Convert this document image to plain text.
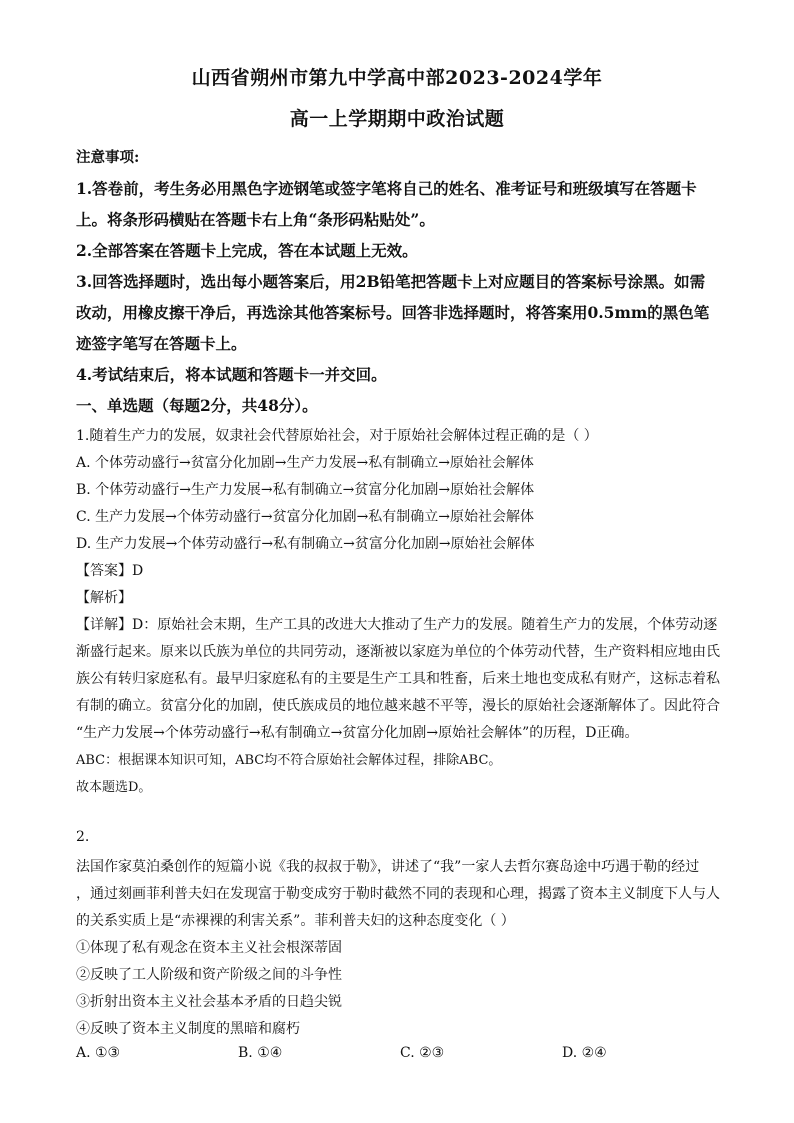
山西省朔州市第九中学高中部2023-2024学年
高一上学期期中政治试题
注意事项:
1.答卷前，考生务必用黑色字迹钢笔或签字笔将自己的姓名、准考证号和班级填写在答题卡
上。将条形码横贴在答题卡右上角“条形码粘贴处”。
2.全部答案在答题卡上完成，答在本试题上无效。
3.回答选择题时，选出每小题答案后，用2B铅笔把答题卡上对应题目的答案标号涂黑。如需
改动，用橡皮擦干净后，再选涂其他答案标号。回答非选择题时，将答案用0.5mm的黑色笔
迹签字笔写在答题卡上。
4.考试结束后，将本试题和答题卡一并交回。
一、单选题（每题2分，共48分）。
1.随着生产力的发展，奴隶社会代替原始社会，对于原始社会解体过程正确的是（ ）
A. 个体劳动盛行→贫富分化加剧→生产力发展→私有制确立→原始社会解体
B. 个体劳动盛行→生产力发展→私有制确立→贫富分化加剧→原始社会解体
C. 生产力发展→个体劳动盛行→贫富分化加剧→私有制确立→原始社会解体
D. 生产力发展→个体劳动盛行→私有制确立→贫富分化加剧→原始社会解体
【答案】D
【解析】
【详解】D：原始社会末期，生产工具的改进大大推动了生产力的发展。随着生产力的发展，个体劳动逐
渐盛行起来。原来以氏族为单位的共同劳动，逐渐被以家庭为单位的个体劳动代替，生产资料相应地由氏
族公有转归家庭私有。最早归家庭私有的主要是生产工具和牲畜，后来土地也变成私有财产，这标志着私
有制的确立。贫富分化的加剧，使氏族成员的地位越来越不平等，漫长的原始社会逐渐解体了。因此符合
“生产力发展→个体劳动盛行→私有制确立→贫富分化加剧→原始社会解体”的历程，D正确。
ABC：根据课本知识可知，ABC均不符合原始社会解体过程，排除ABC。
故本题选D。
2.
法国作家莫泊桑创作的短篇小说《我的叔叔于勒》，讲述了“我”一家人去哲尔赛岛途中巧遇于勒的经过
，通过刻画菲利普夫妇在发现富于勒变成穷于勒时截然不同的表现和心理，揭露了资本主义制度下人与人
的关系实质上是“赤裸裸的利害关系”。菲利普夫妇的这种态度变化（ ）
①体现了私有观念在资本主义社会根深蒂固
②反映了工人阶级和资产阶级之间的斗争性
③折射出资本主义社会基本矛盾的日趋尖锐
④反映了资本主义制度的黑暗和腐朽
A. ①③	B. ①④	C. ②③	D. ②④
